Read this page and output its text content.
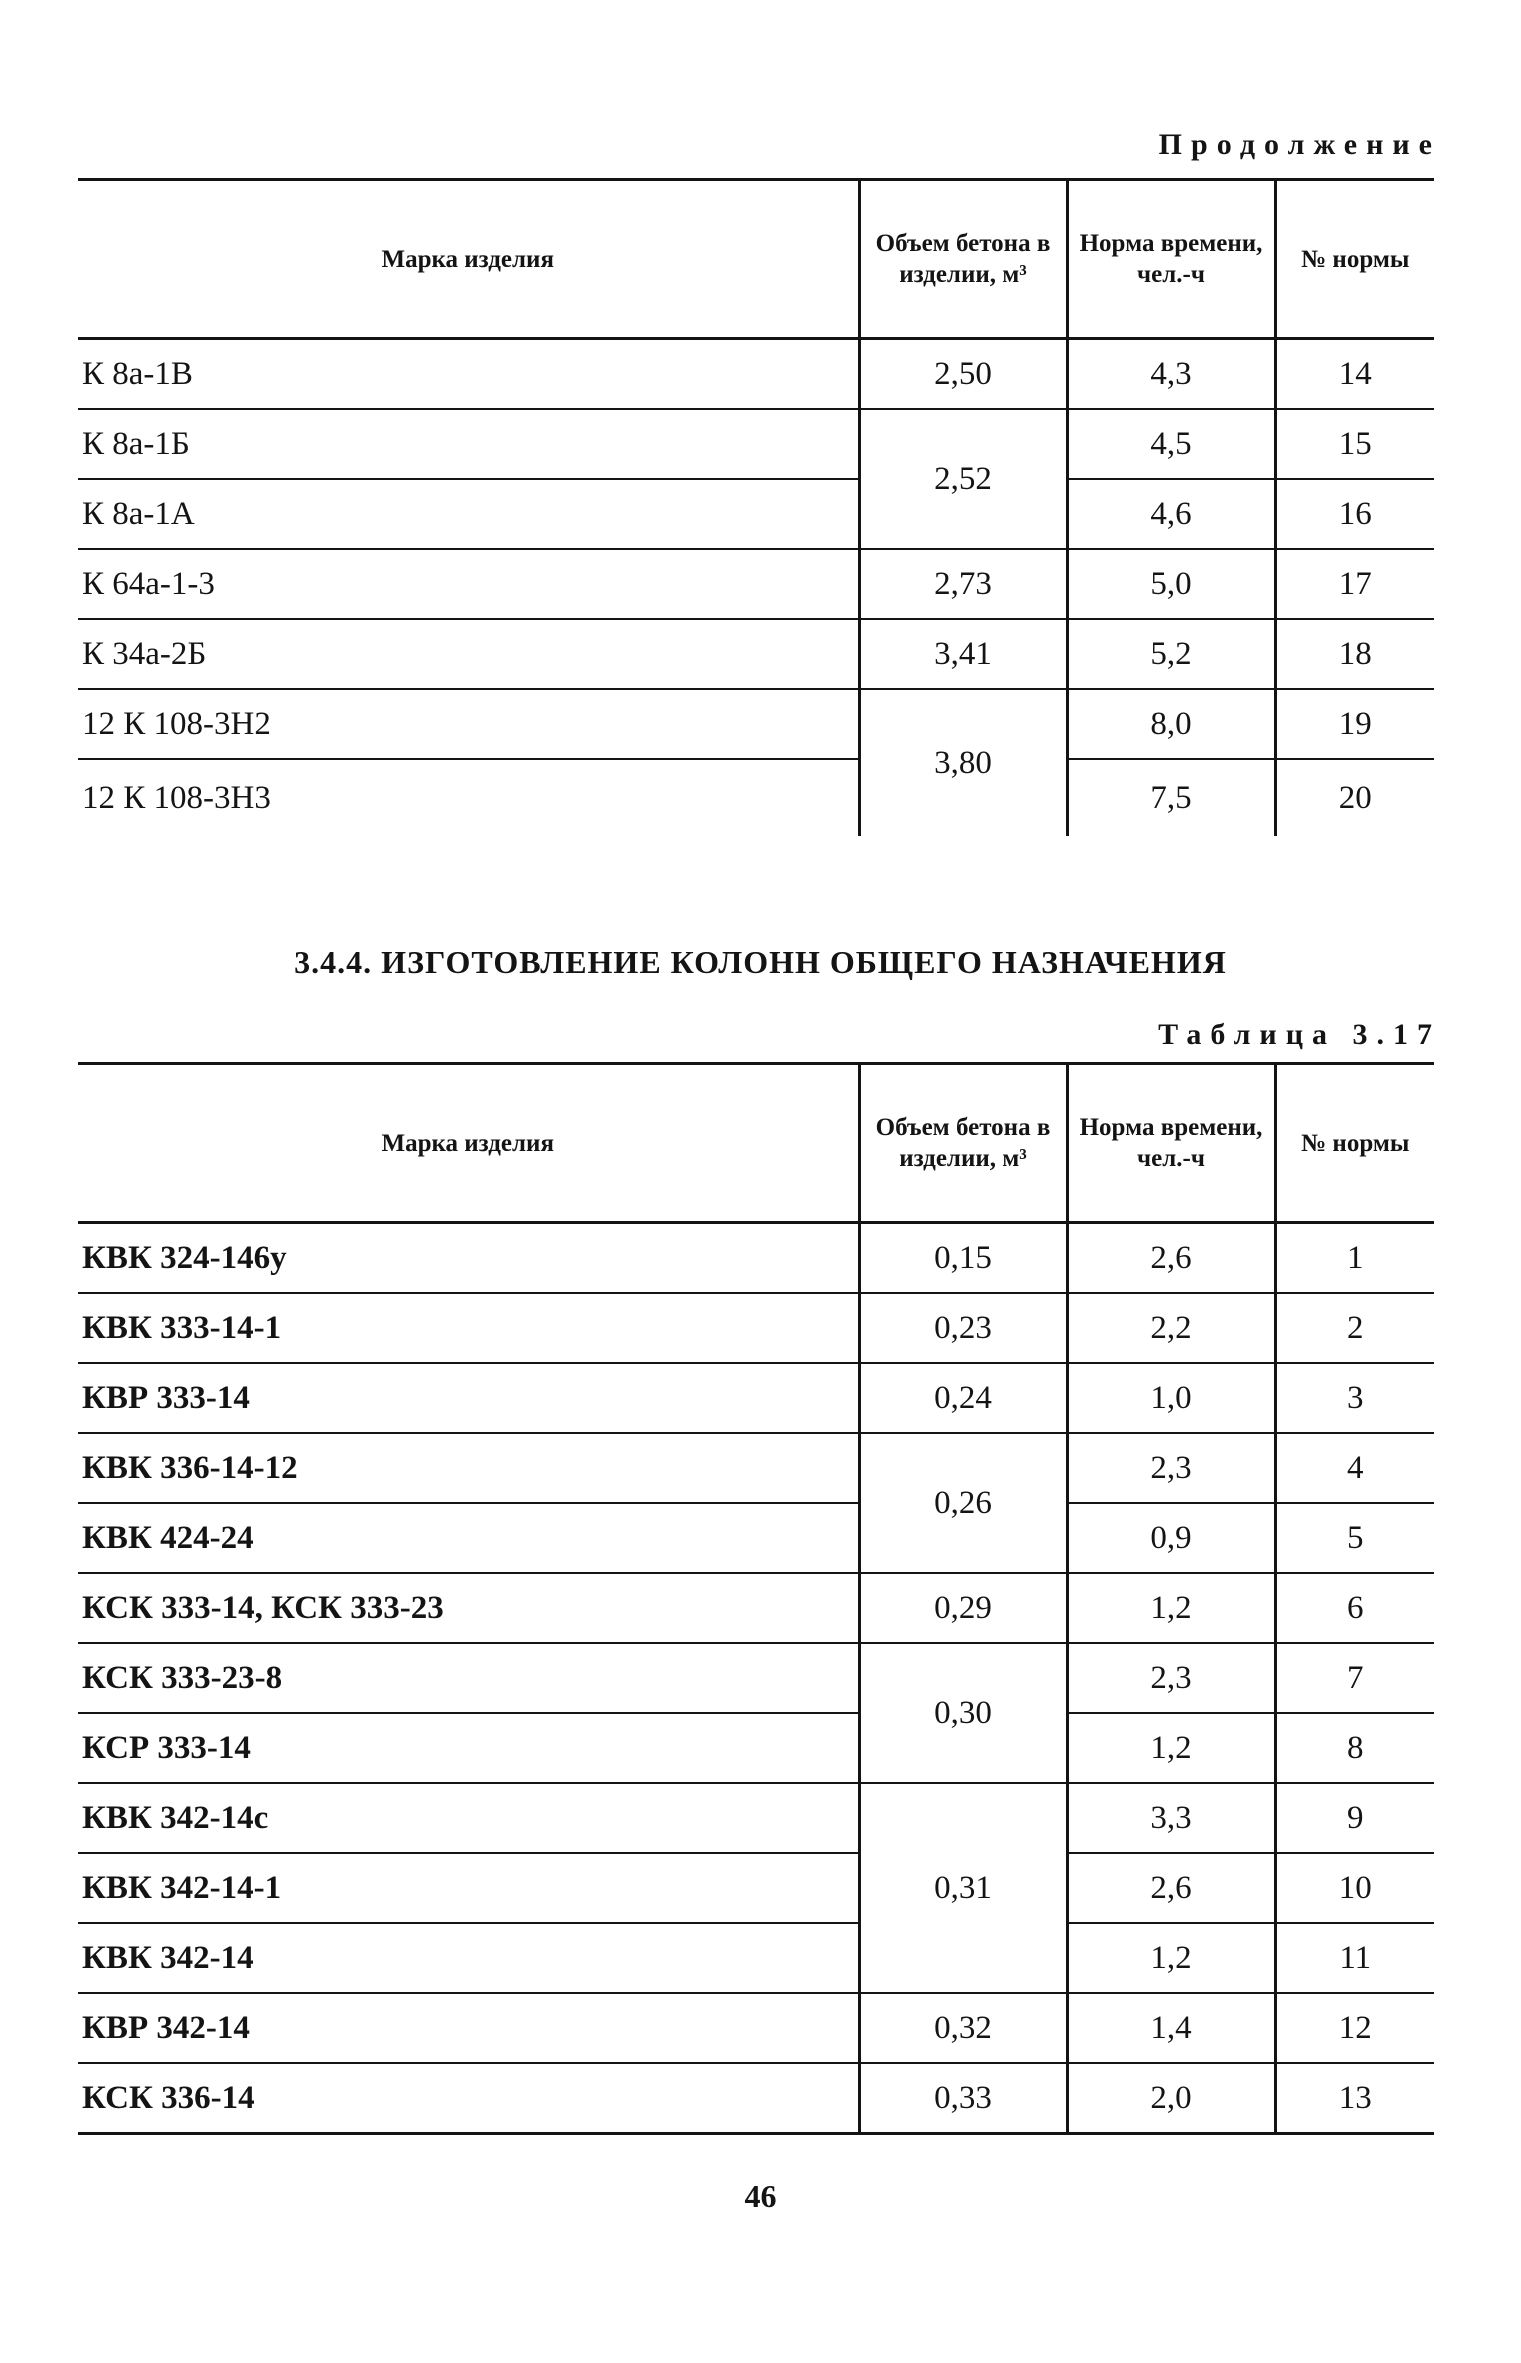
Продолжение
Марка изделия	Объем бетона в изделии, м³	Норма времени, чел.-ч	№ нормы
К 8а-1В	2,50	4,3	14
К 8а-1Б	2,52	4,5	15
К 8а-1А		4,6	16
К 64а-1-3	2,73	5,0	17
К 34а-2Б	3,41	5,2	18
12 К 108-3Н2	3,80	8,0	19
12 К 108-3Н3		7,5	20
3.4.4. ИЗГОТОВЛЕНИЕ КОЛОНН ОБЩЕГО НАЗНАЧЕНИЯ
Таблица 3.17
Марка изделия	Объем бетона в изделии, м³	Норма времени, чел.-ч	№ нормы
КВК 324-146у	0,15	2,6	1
КВК 333-14-1	0,23	2,2	2
КВР 333-14	0,24	1,0	3
КВК 336-14-12	0,26	2,3	4
КВК 424-24		0,9	5
КСК 333-14, КСК 333-23	0,29	1,2	6
КСК 333-23-8	0,30	2,3	7
КСР 333-14		1,2	8
КВК 342-14с	0,31	3,3	9
КВК 342-14-1		2,6	10
КВК 342-14		1,2	11
КВР 342-14	0,32	1,4	12
КСК 336-14	0,33	2,0	13
46
